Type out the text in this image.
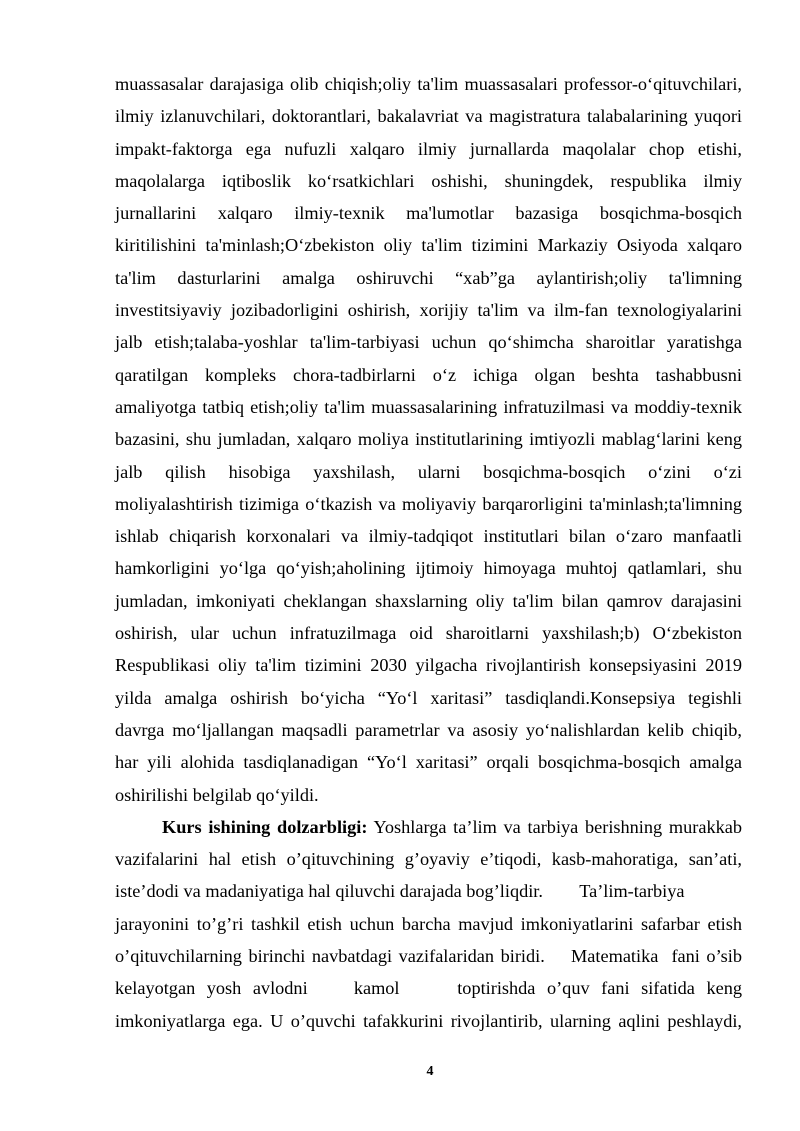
muassasalar darajasiga olib chiqish;oliy ta'lim muassasalari professor-o‘qituvchilari,
ilmiy izlanuvchilari, doktorantlari, bakalavriat va magistratura talabalarining yuqori
impakt-faktorga ega nufuzli xalqaro ilmiy jurnallarda maqolalar chop etishi,
maqolalarga iqtiboslik ko‘rsatkichlari oshishi, shuningdek, respublika ilmiy
jurnallarini xalqaro ilmiy-texnik ma'lumotlar bazasiga bosqichma-bosqich
kiritilishini ta'minlash;O‘zbekiston oliy ta'lim tizimini Markaziy Osiyoda xalqaro
ta'lim dasturlarini amalga oshiruvchi “xab”ga aylantirish;oliy ta'limning
investitsiyaviy jozibadorligini oshirish, xorijiy ta'lim va ilm-fan texnologiyalarini
jalb etish;talaba-yoshlar ta'lim-tarbiyasi uchun qo‘shimcha sharoitlar yaratishga
qaratilgan kompleks chora-tadbirlarni o‘z ichiga olgan beshta tashabbusni
amaliyotga tatbiq etish;oliy ta'lim muassasalarining infratuzilmasi va moddiy-texnik
bazasini, shu jumladan, xalqaro moliya institutlarining imtiyozli mablag‘larini keng
jalb qilish hisobiga yaxshilash, ularni bosqichma-bosqich o‘zini o‘zi
moliyalashtirish tizimiga o‘tkazish va moliyaviy barqarorligini ta'minlash;ta'limning
ishlab chiqarish korxonalari va ilmiy-tadqiqot institutlari bilan o‘zaro manfaatli
hamkorligini yo‘lga qo‘yish;aholining ijtimoiy himoyaga muhtoj qatlamlari, shu
jumladan, imkoniyati cheklangan shaxslarning oliy ta'lim bilan qamrov darajasini
oshirish, ular uchun infratuzilmaga oid sharoitlarni yaxshilash;b) O‘zbekiston
Respublikasi oliy ta'lim tizimini 2030 yilgacha rivojlantirish konsepsiyasini 2019
yilda amalga oshirish bo‘yicha “Yo‘l xaritasi” tasdiqlandi.Konsepsiya tegishli
davrga mo‘ljallangan maqsadli parametrlar va asosiy yo‘nalishlardan kelib chiqib,
har yili alohida tasdiqlanadigan “Yo‘l xaritasi” orqali bosqichma-bosqich amalga
oshirilishi belgilab qo‘yildi.
Kurs ishining dolzarbligi: Yoshlarga ta’lim va tarbiya berishning murakkab
vazifalarini hal etish o’qituvchining g’oyaviy e’tiqodi, kasb-mahoratiga, san’ati,
iste’dodi va madaniyatiga hal qiluvchi darajada bog’liqdir.        Ta’lim-tarbiya
jarayonini to’g’ri tashkil etish uchun barcha mavjud imkoniyatlarini safarbar etish
o’qituvchilarning birinchi navbatdagi vazifalaridan biridi.    Matematika  fani o’sib
kelayotgan yosh avlodni    kamol     toptirishda o’quv fani sifatida keng
imkoniyatlarga ega. U o’quvchi tafakkurini rivojlantirib, ularning aqlini peshlaydi,
4
